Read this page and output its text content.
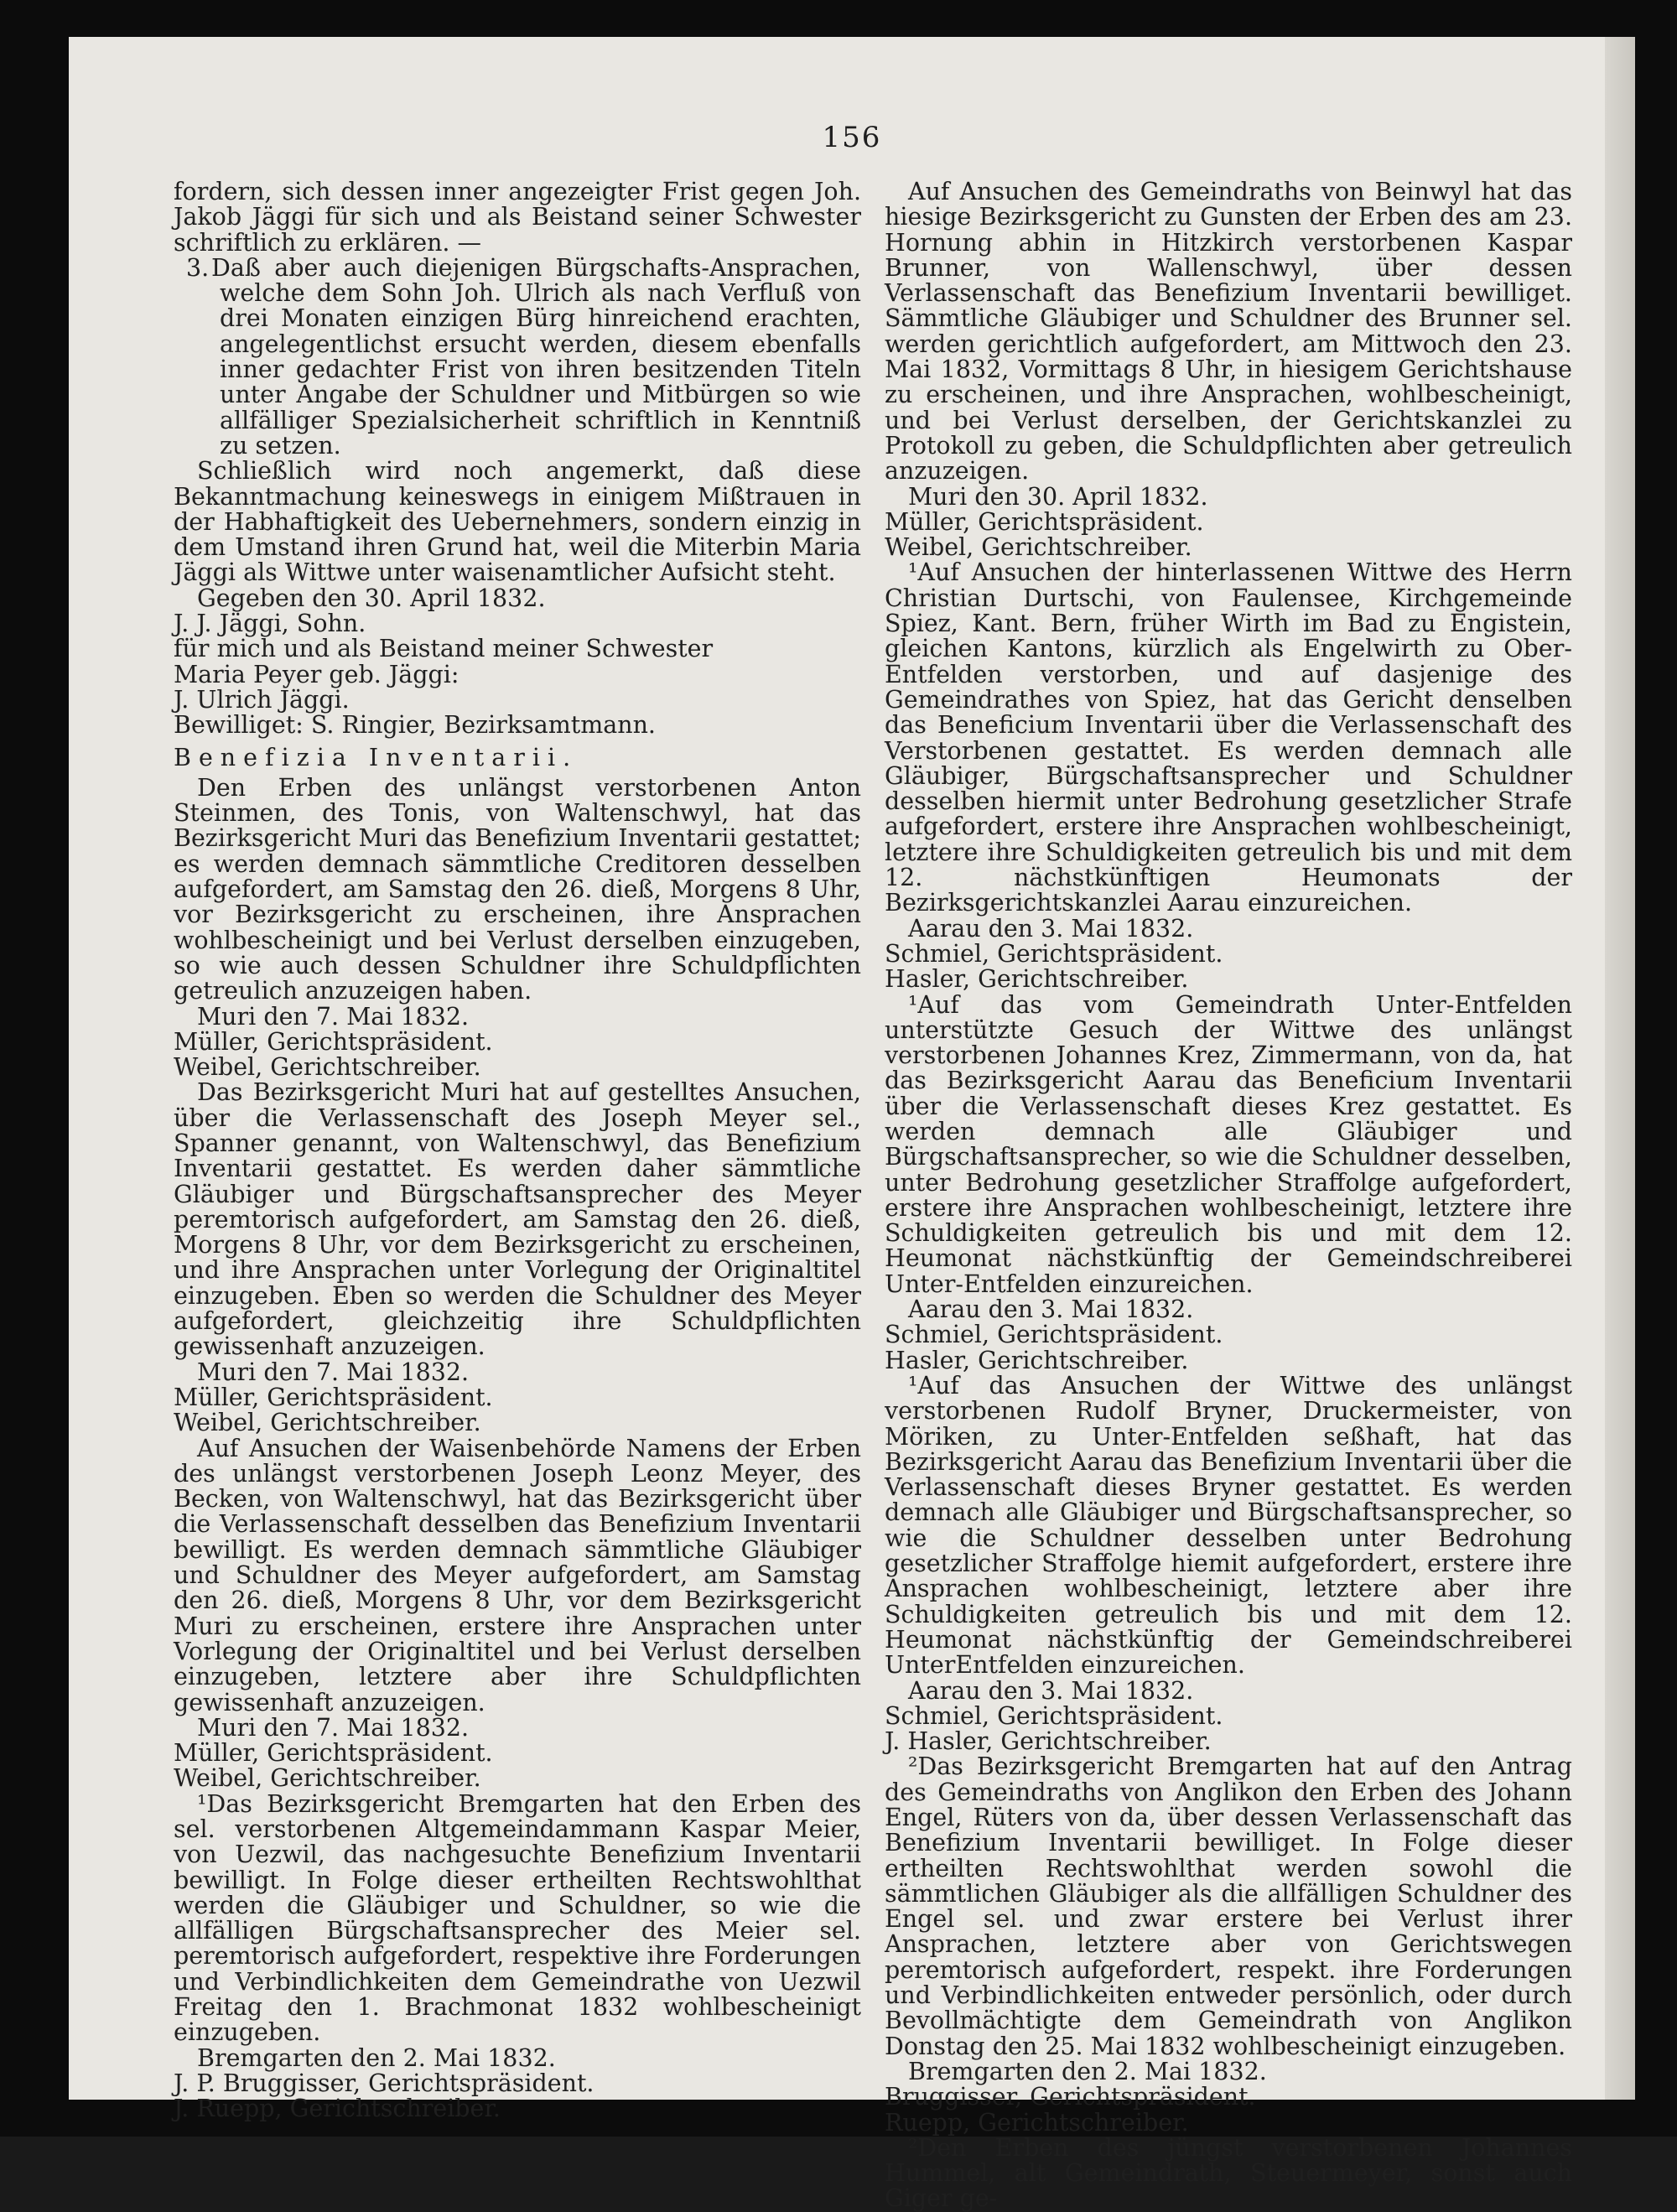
156

fordern, sich dessen inner angezeigter Frist gegen Joh. Jakob Jäggi für sich und als Beistand seiner Schwester schriftlich zu erklären. —

3.Daß aber auch diejenigen Bürgschafts-Ansprachen, welche dem Sohn Joh. Ulrich als nach Verfluß von drei Monaten einzigen Bürg hinreichend erachten, angelegentlichst ersucht werden, diesem ebenfalls inner gedachter Frist von ihren besitzenden Titeln unter Angabe der Schuldner und Mitbürgen so wie allfälliger Spezialsicherheit schriftlich in Kenntniß zu setzen.

Schließlich wird noch angemerkt, daß diese Bekanntmachung keineswegs in einigem Mißtrauen in der Habhaftigkeit des Uebernehmers, sondern einzig in dem Umstand ihren Grund hat, weil die Miterbin Maria Jäggi als Wittwe unter waisenamtlicher Aufsicht steht.

Gegeben den 30. April 1832.

J. J. Jäggi, Sohn.

für mich und als Beistand meiner Schwester

Maria Peyer geb. Jäggi:

J. Ulrich Jäggi.

Bewilliget: S. Ringier, Bezirksamtmann.

Benefizia Inventarii.

Den Erben des unlängst verstorbenen Anton Steinmen, des Tonis, von Waltenschwyl, hat das Bezirksgericht Muri das Benefizium Inventarii gestattet; es werden demnach sämmtliche Creditoren desselben aufgefordert, am Samstag den 26. dieß, Morgens 8 Uhr, vor Bezirksgericht zu erscheinen, ihre Ansprachen wohlbescheinigt und bei Verlust derselben einzugeben, so wie auch dessen Schuldner ihre Schuldpflichten getreulich anzuzeigen haben.

Muri den 7. Mai 1832.

Müller, Gerichtspräsident.

Weibel, Gerichtschreiber.

Das Bezirksgericht Muri hat auf gestelltes Ansuchen, über die Verlassenschaft des Joseph Meyer sel., Spanner genannt, von Waltenschwyl, das Benefizium Inventarii gestattet. Es werden daher sämmtliche Gläubiger und Bürgschaftsansprecher des Meyer peremtorisch aufgefordert, am Samstag den 26. dieß, Morgens 8 Uhr, vor dem Bezirksgericht zu erscheinen, und ihre Ansprachen unter Vorlegung der Originaltitel einzugeben. Eben so werden die Schuldner des Meyer aufgefordert, gleichzeitig ihre Schuldpflichten gewissenhaft anzuzeigen.

Muri den 7. Mai 1832.

Müller, Gerichtspräsident.

Weibel, Gerichtschreiber.

Auf Ansuchen der Waisenbehörde Namens der Erben des unlängst verstorbenen Joseph Leonz Meyer, des Becken, von Waltenschwyl, hat das Bezirksgericht über die Verlassenschaft desselben das Benefizium Inventarii bewilligt. Es werden demnach sämmtliche Gläubiger und Schuldner des Meyer aufgefordert, am Samstag den 26. dieß, Morgens 8 Uhr, vor dem Bezirksgericht Muri zu erscheinen, erstere ihre Ansprachen unter Vorlegung der Originaltitel und bei Verlust derselben einzugeben, letztere aber ihre Schuldpflichten gewissenhaft anzuzeigen.

Muri den 7. Mai 1832.

Müller, Gerichtspräsident.

Weibel, Gerichtschreiber.

¹Das Bezirksgericht Bremgarten hat den Erben des sel. verstorbenen Altgemeindammann Kaspar Meier, von Uezwil, das nachgesuchte Benefizium Inventarii bewilligt. In Folge dieser ertheilten Rechtswohlthat werden die Gläubiger und Schuldner, so wie die allfälligen Bürgschaftsansprecher des Meier sel. peremtorisch aufgefordert, respektive ihre Forderungen und Verbindlichkeiten dem Gemeindrathe von Uezwil Freitag den 1. Brachmonat 1832 wohlbescheinigt einzugeben.

Bremgarten den 2. Mai 1832.

J. P. Bruggisser, Gerichtspräsident.

J. Ruepp, Gerichtschreiber.

Auf Ansuchen des Gemeindraths von Beinwyl hat das hiesige Bezirksgericht zu Gunsten der Erben des am 23. Hornung abhin in Hitzkirch verstorbenen Kaspar Brunner, von Wallenschwyl, über dessen Verlassenschaft das Benefizium Inventarii bewilliget. Sämmtliche Gläubiger und Schuldner des Brunner sel. werden gerichtlich aufgefordert, am Mittwoch den 23. Mai 1832, Vormittags 8 Uhr, in hiesigem Gerichtshause zu erscheinen, und ihre Ansprachen, wohlbescheinigt, und bei Verlust derselben, der Gerichtskanzlei zu Protokoll zu geben, die Schuldpflichten aber getreulich anzuzeigen.

Muri den 30. April 1832.

Müller, Gerichtspräsident.

Weibel, Gerichtschreiber.

¹Auf Ansuchen der hinterlassenen Wittwe des Herrn Christian Durtschi, von Faulensee, Kirchgemeinde Spiez, Kant. Bern, früher Wirth im Bad zu Engistein, gleichen Kantons, kürzlich als Engelwirth zu Ober-Entfelden verstorben, und auf dasjenige des Gemeindrathes von Spiez, hat das Gericht denselben das Beneficium Inventarii über die Verlassenschaft des Verstorbenen gestattet. Es werden demnach alle Gläubiger, Bürgschaftsansprecher und Schuldner desselben hiermit unter Bedrohung gesetzlicher Strafe aufgefordert, erstere ihre Ansprachen wohlbescheinigt, letztere ihre Schuldigkeiten getreulich bis und mit dem 12. nächstkünftigen Heumonats der Bezirksgerichtskanzlei Aarau einzureichen.

Aarau den 3. Mai 1832.

Schmiel, Gerichtspräsident.

Hasler, Gerichtschreiber.

¹Auf das vom Gemeindrath Unter-Entfelden unterstützte Gesuch der Wittwe des unlängst verstorbenen Johannes Krez, Zimmermann, von da, hat das Bezirksgericht Aarau das Beneficium Inventarii über die Verlassenschaft dieses Krez gestattet. Es werden demnach alle Gläubiger und Bürgschaftsansprecher, so wie die Schuldner desselben, unter Bedrohung gesetzlicher Straffolge aufgefordert, erstere ihre Ansprachen wohlbescheinigt, letztere ihre Schuldigkeiten getreulich bis und mit dem 12. Heumonat nächstkünftig der Gemeindschreiberei Unter-Entfelden einzureichen.

Aarau den 3. Mai 1832.

Schmiel, Gerichtspräsident.

Hasler, Gerichtschreiber.

¹Auf das Ansuchen der Wittwe des unlängst verstorbenen Rudolf Bryner, Druckermeister, von Möriken, zu Unter-Entfelden seßhaft, hat das Bezirksgericht Aarau das Benefizium Inventarii über die Verlassenschaft dieses Bryner gestattet. Es werden demnach alle Gläubiger und Bürgschaftsansprecher, so wie die Schuldner desselben unter Bedrohung gesetzlicher Straffolge hiemit aufgefordert, erstere ihre Ansprachen wohlbescheinigt, letztere aber ihre Schuldigkeiten getreulich bis und mit dem 12. Heumonat nächstkünftig der Gemeindschreiberei UnterEntfelden einzureichen.

Aarau den 3. Mai 1832.

Schmiel, Gerichtspräsident.

J. Hasler, Gerichtschreiber.

²Das Bezirksgericht Bremgarten hat auf den Antrag des Gemeindraths von Anglikon den Erben des Johann Engel, Rüters von da, über dessen Verlassenschaft das Benefizium Inventarii bewilliget. In Folge dieser ertheilten Rechtswohlthat werden sowohl die sämmtlichen Gläubiger als die allfälligen Schuldner des Engel sel. und zwar erstere bei Verlust ihrer Ansprachen, letztere aber von Gerichtswegen peremtorisch aufgefordert, respekt. ihre Forderungen und Verbindlichkeiten entweder persönlich, oder durch Bevollmächtigte dem Gemeindrath von Anglikon Donstag den 25. Mai 1832 wohlbescheinigt einzugeben.

Bremgarten den 2. Mai 1832.

Bruggisser, Gerichtspräsident.

Ruepp, Gerichtschreiber.

²Den Erben des jüngst verstorbenen Johannes Hummel, alt Gemeindrath, Steuermeyer, sonst auch Giger ge-
